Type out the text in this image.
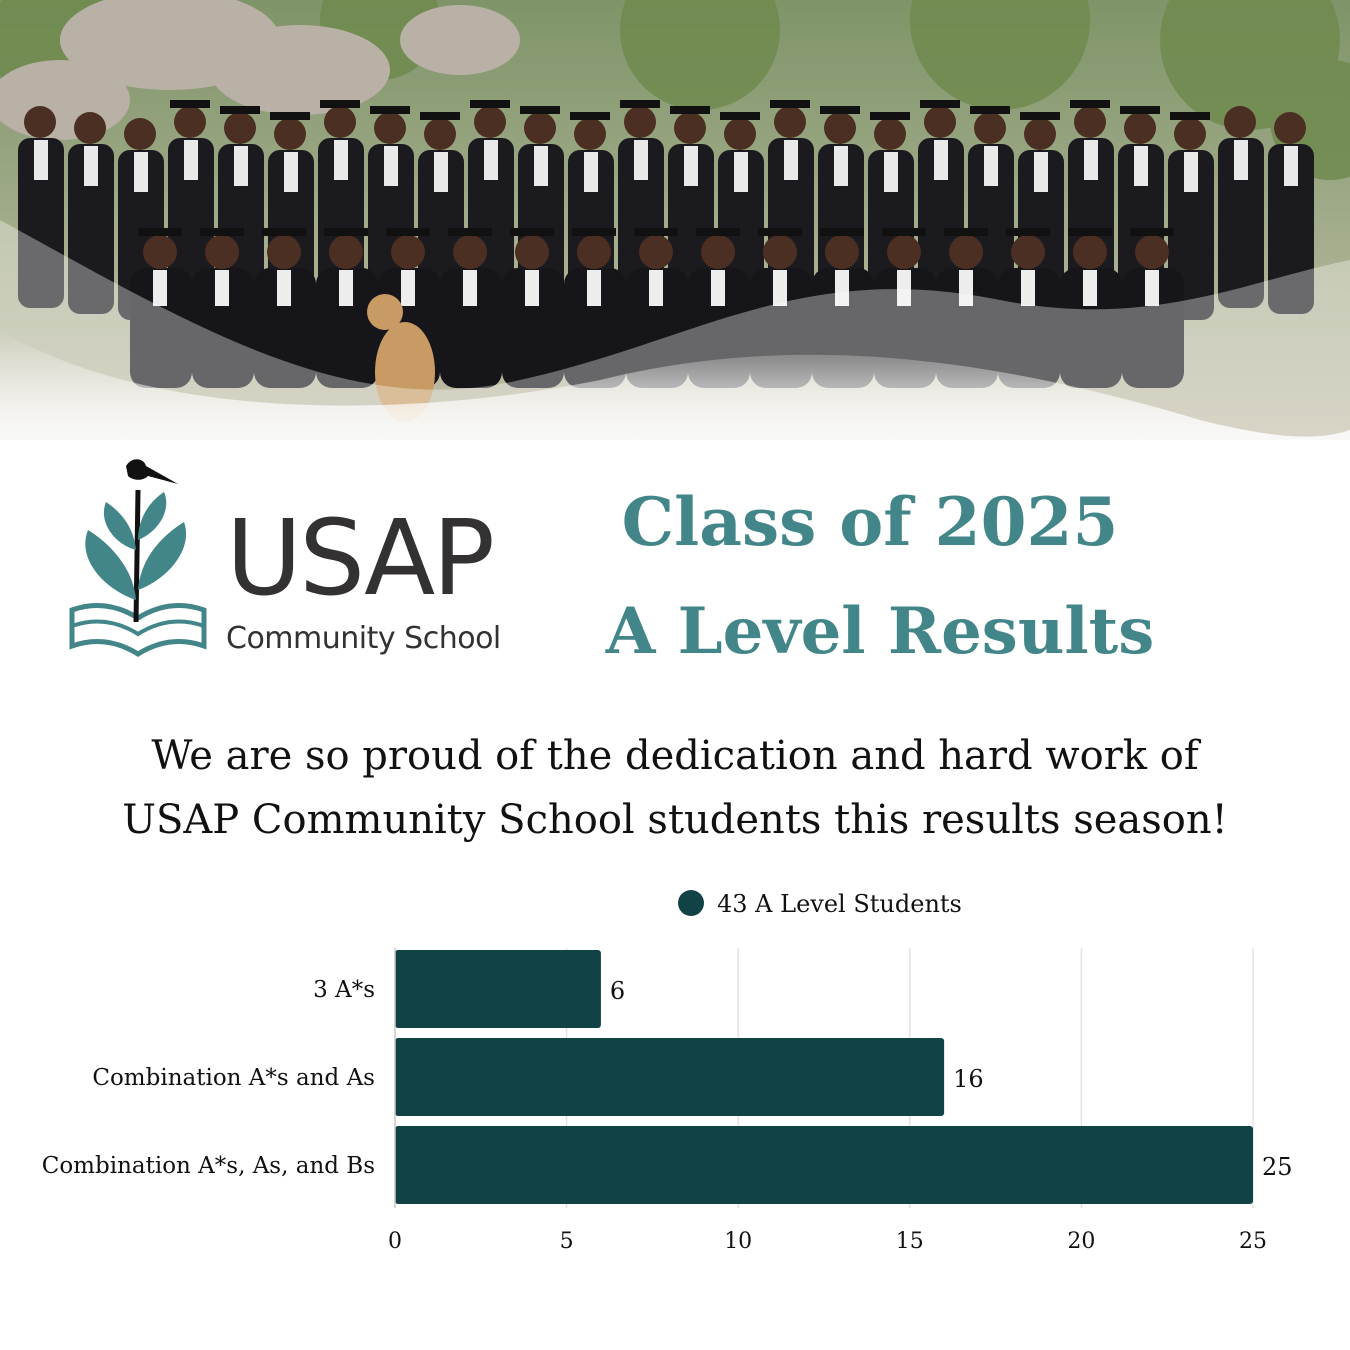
USAP
Community School
Class of 2025
A Level Results
We are so proud of the dedication and hard work of
USAP Community School students this results season!
0	5	10	15	20	25
43 A Level Students
3 A*s	6
Combination A*s and As	16
Combination A*s, As, and Bs	25
